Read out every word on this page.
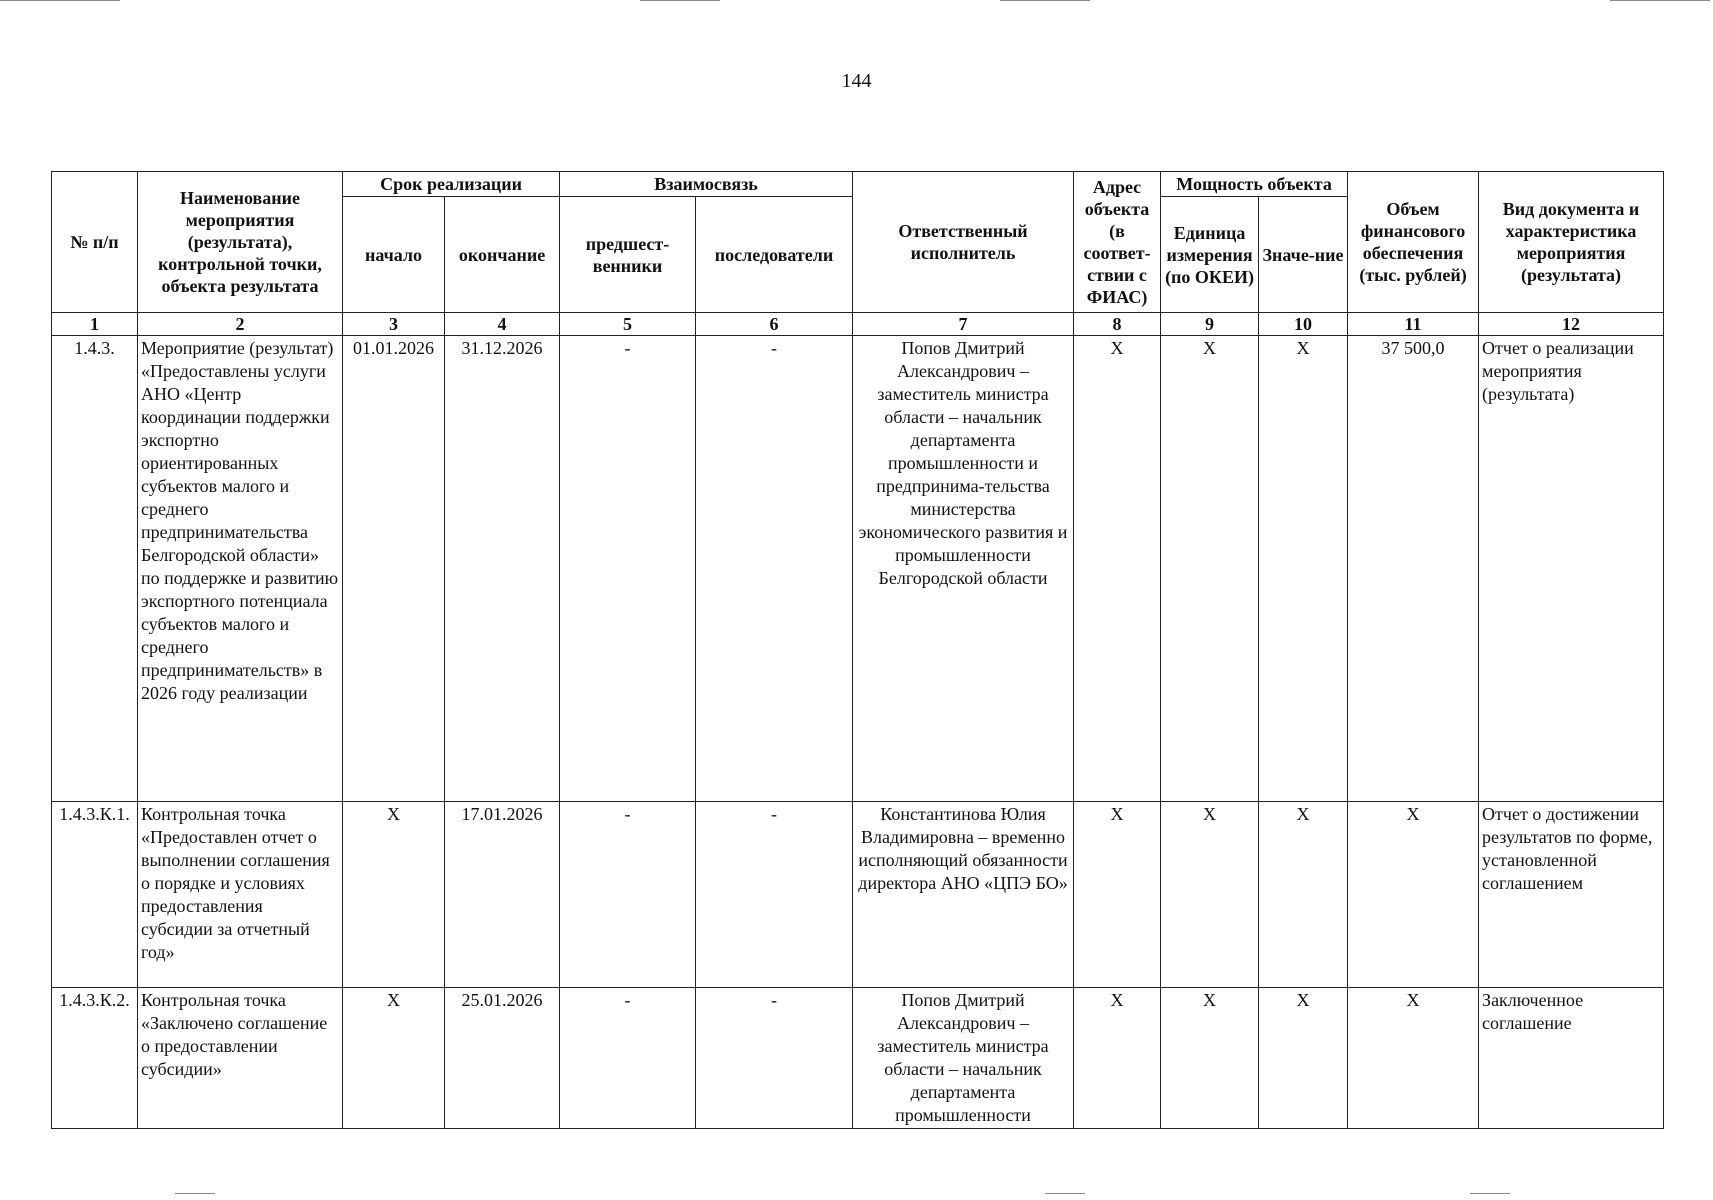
144
№ п/п	Наименование мероприятия (результата), контрольной точки, объекта результата	Срок реализации		Взаимосвязь		Ответственный исполнитель	Адрес объекта (в соответ-ствии с ФИАС)	Мощность объекта		Объем финансового обеспечения (тыс. рублей)	Вид документа и характеристика мероприятия (результата)
		начало	окончание	предшест-венники	последователи			Единица измерения (по ОКЕИ)	Значе-ние		
1	2	3	4	5	6	7	8	9	10	11	12
1.4.3.	Мероприятие (результат) «Предоставлены услуги АНО «Центр координации поддержки экспортно ориентированных субъектов малого и среднего предпринимательства Белгородской области» по поддержке и развитию экспортного потенциала субъектов малого и среднего предпринимательств» в 2026 году реализации	01.01.2026	31.12.2026	-	-	Попов Дмитрий Александрович – заместитель министра области – начальник департамента промышленности и предпринима-тельства министерства экономического развития и промышленности Белгородской области	X	X	X	37 500,0	Отчет о реализации мероприятия (результата)
1.4.3.К.1.	Контрольная точка «Предоставлен отчет о выполнении соглашения о порядке и условиях предоставления субсидии за отчетный год»	X	17.01.2026	-	-	Константинова Юлия Владимировна – временно исполняющий обязанности директора АНО «ЦПЭ БО»	X	X	X	X	Отчет о достижении результатов по форме, установленной соглашением
1.4.3.К.2.	Контрольная точка «Заключено соглашение о предоставлении субсидии»	X	25.01.2026	-	-	Попов Дмитрий Александрович – заместитель министра области – начальник департамента промышленности	X	X	X	X	Заключенное соглашение
